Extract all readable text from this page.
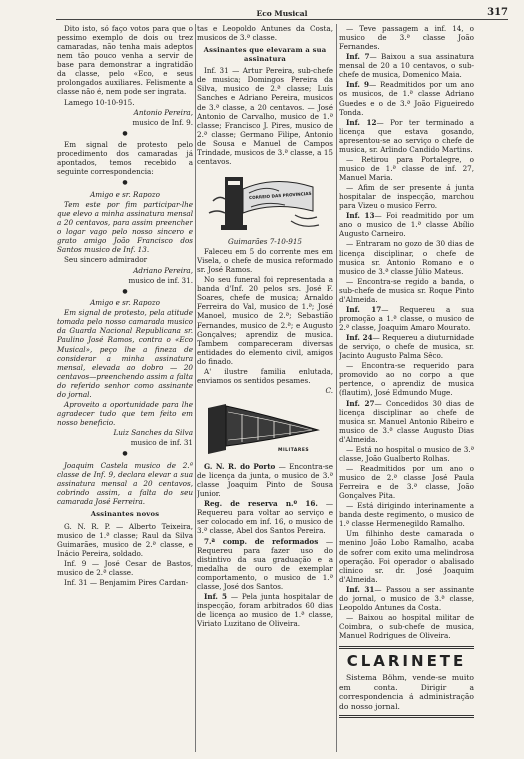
Eco Musical	317

Dito isto, só faço votos para que o pessimo exemplo de dois ou trez camaradas, não tenha mais adeptos nem tão pouco venha a servir de base para demonstrar a ingratidão da classe, pelo «Eco, e seus prolongados auxiliares. Felismente a classe não é, nem pode ser ingrata.

Lamego 10-10-915.

Antonio Pereira,

musico de Inf. 9.

●

Em signal de protesto pelo procedimento dos camaradas já apontados, temos recebido a seguinte correspondencia:

●

Amigo e sr. Rapozo

Tem este por fim participar-lhe que elevo a minha assinatura mensal a 20 centavos, para assim preencher o logar vago pelo nosso sincero e grato amigo João Francisco dos Santos musico de Inf. 13.

Seu sincero admirador

Adriano Pereira,

musico de inf. 31.

●

Amigo e sr. Rapozo

Em signal de protesto, pela atitude tomada pelo nosso camarada musico da Guarda Nacional Republicana sr. Paulino José Ramos, contra o «Eco Musical», peço lhe a fineza de considerar a minha assinatura mensal, elevada ao dobro — 20 centavos—preenchendo assim a falta do referido senhor como assinante do jornal.

Aproveito a oportunidade para lhe agradecer tudo que tem feito em nosso beneficio.

Luiz Sanches da Silva

musico de inf. 31

●

Joaquim Castela musico de 2.ª classe de Inf. 9, declara elevar a sua assinatura mensal a 20 centavos, cobrindo assim, a falta do seu camarada José Ferreira.

Assinantes novos

G. N. R. P. — Alberto Teixeira, musico de 1.ª classe; Raul da Silva Guimarães, musico de 2.ª classe, e Inácio Pereira, soldado.

Inf. 9 — José Cesar de Bastos, musico de 2.ª classe.

Inf. 31 — Benjamim Pires Cardan-

tas e Leopoldo Antunes da Costa, musicos de 3.ª classe.

Assinantes que elevaram a sua assinatura

Inf. 31 — Artur Pereira, sub-chefe de musica; Domingos Pereira da Silva, musico de 2.ª classe; Luís Sanches e Adriano Pereira, musicos de 3.ª classe, a 20 centavos. — José Antonio de Carvalho, musico de 1.ª classe; Francisco J. Pires, musico de 2.ª classe; Germano Filipe, Antonio de Sousa e Manuel de Campos Trindade, musicos de 3.ª classe, a 15 centavos.

CORREIO DAS PROVINCIAS

Guimarães 7-10-915

Faleceu em 5 do corrente mes em Visela, o chefe de musica reformado sr. José Ramos.

No seu funeral foi representada a banda d'Inf. 20 pelos srs. José F. Soares, chefe de musica; Arnaldo Ferreira do Val, musico de 1.ª; José Manoel, musico de 2.ª; Sebastião Fernandes, musico de 2.ª; e Augusto Gonçalves; aprendiz de musica. Tambem compareceram diversas entidades do elemento civil, amigos do finado.

A' ilustre familia enlutada, enviamos os sentidos pesames.

C.

MILITARES

G. N. R. do Porto — Encontra-se de licença da junta, o musico de 3.ª classe Joaquim Pinto de Sousa Junior.

Reg. de reserva n.º 16. — Requereu para voltar ao serviço e ser colocado em inf. 16, o musico de 3.ª classe, Abel dos Santos Pereira.

7.ª comp. de reformados — Requereu para fazer uso do distintivo da sua graduação e a medalha de ouro de exemplar comportamento, o musico de 1.ª classe, José dos Santos.

Inf. 5 — Pela junta hospitalar de inspecção, foram arbitrados 60 dias de licença ao musico de 1.ª classe, Viriato Luzitano de Oliveira.

— Teve passagem a inf. 14, o musico de 3.ª classe João Fernandes.

Inf. 7— Baixou a sua assinatura mensal de 20 a 10 centavos, o sub-chefe de musica, Domenico Maia.

Inf. 9— Readmitidos por um ano os musicos, de 1.ª classe Adriano Guedes e o de 3.ª João Figueiredo Tonda.

Inf. 12— Por ter terminado a licença que estava gosando, apresentou-se ao serviço o chefe de musica, sr. Arlindo Candido Martins.

— Retirou para Portalegre, o musico de 1.ª classe de inf. 27, Manuel Maria.

— Afim de ser presente á junta hospitalar de inspecção, marchou para Vizeu o musico Ferro.

Inf. 13— Foi readmitido por um ano o musico de 1.ª classe Abílio Augusto Carneiro.

— Entraram no gozo de 30 dias de licença disciplinar, o chefe de musica sr. Antonio Romano e o musico de 3.ª classe Júlio Mateus.

— Encontra-se regido a banda, o sub-chefe de musica sr. Roque Pinto d'Almeida.

Inf. 17— Requereu a sua promoção a 1.ª classe, o musico de 2.ª classe, Joaquim Amaro Mourato.

Inf. 24— Requereu a diuturnidade de serviço, o chefe de musica, sr. Jacinto Augusto Palma Sêco.

— Encontra-se requerido para promovido ao no corpo a que pertence, o aprendiz de musica (flautim), José Edmundo Muge.

Inf. 27— Concedidos 30 dias de licença disciplinar ao chefe de musica sr. Manuel Antonio Ribeiro e musico de 3.ª classe Augusto Dias d'Almeida.

— Está no hospital o musico de 3.ª classe, João Gualberto Rolhas.

— Readmitidos por um ano o musico de 2.ª classe José Paula Ferreira e de 3.ª classe, João Gonçalves Pita.

— Está dirigindo interinamente a banda deste regimento, o musico de 1.ª classe Hermenegildo Ramalho.

Um filhinho deste camarada o menino João Lobo Ramalho, acaba de sofrer com exito uma melindrosa operação. Foi operador o abalisado clinico sr. dr. José Joaquim d'Almeida.

Inf. 31— Passou a ser assinante do jornal, o musico de 3.ª classe, Leopoldo Antunes da Costa.

— Baixou ao hospital militar de Coimbra, o sub-chefe de musica, Manuel Rodrigues de Oliveira.

CLARINETE

Sistema Böhm, vende-se muito em conta. Dirigir a correspondencia á administração do nosso jornal.
